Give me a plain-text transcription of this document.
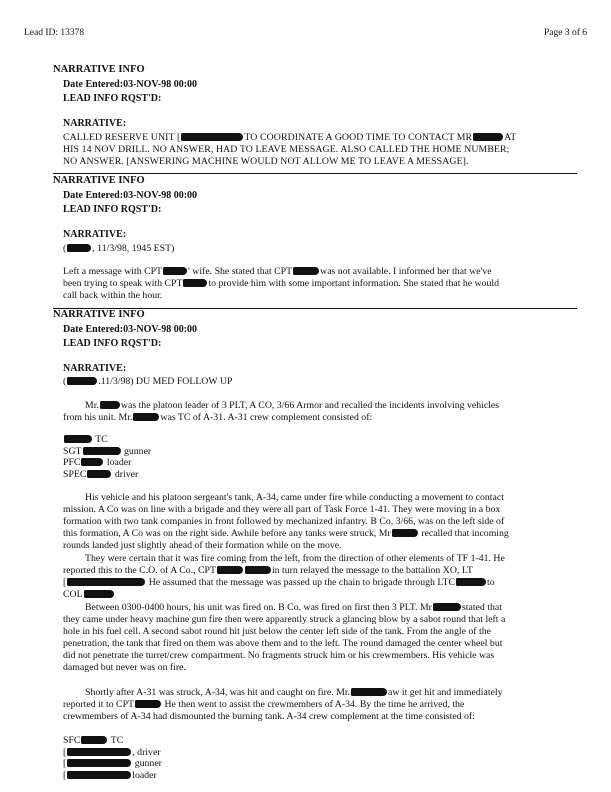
Lead ID: 13378	Page 3 of 6
NARRATIVE INFO
Date Entered:03-NOV-98 00:00
LEAD INFO RQST'D:
NARRATIVE:

CALLED RESERVE UNIT [	TO COORDINATE A GOOD TIME TO CONTACT MR	AT

HIS 14 NOV DRILL. NO ANSWER, HAD TO LEAVE MESSAGE. ALSO CALLED THE HOME NUMBER;

NO ANSWER. [ANSWERING MACHINE WOULD NOT ALLOW ME TO LEAVE A MESSAGE].

NARRATIVE INFO
Date Entered:03-NOV-98 00:00
LEAD INFO RQST'D:
NARRATIVE:
(	, 11/3/98, 1945 EST)

Left a message with CPT	' wife. She stated that CPT	was not available. I informed her that we've

been trying to speak with CPT	to provide him with some important information. She stated that he would

call back within the hour.

NARRATIVE INFO
Date Entered:03-NOV-98 00:00
LEAD INFO RQST'D:
NARRATIVE:
(	.11/3/98) DU MED FOLLOW UP

Mr. was the platoon leader of 3 PLT, A CO, 3/66 Armor and recalled the incidents involving vehicles

from his unit. Mr.	was TC of A-31. A-31 crew complement consisted of:

TC
SGT	gunner
PFC	loader
SPEC	driver

His vehicle and his platoon sergeant's tank, A-34, came under fire while conducting a movement to contact

mission. A Co was on line with a brigade and they were all part of Task Force 1-41. They were moving in a box

formation with two tank companies in front followed by mechanized infantry. B Co, 3/66, was on the left side of

this formation, A Co was on the right side. Awhile before any tanks were struck, Mr	recalled that incoming

rounds landed just slightly ahead of their formation while on the move.

They were certain that it was fire coming from the left, from the direction of other elements of TF 1-41. He

reported this to the C.O. of A Co., CPT	in turn relayed the message to the battalion XO, LT

[	He assumed that the message was passed up the chain to brigade through LTC	to

COL

Between 0300-0400 hours, his unit was fired on. B Co. was fired on first then 3 PLT. Mr	stated that

they came under heavy machine gun fire then were apparently struck a glancing blow by a sabot round that left a

hole in his fuel cell. A second sabot round hit just below the center left side of the tank. From the angle of the

penetration, the tank that fired on them was above them and to the left. The round damaged the center wheel but

did not penetrate the turret/crew compartment. No fragments struck him or his crewmembers. His vehicle was

damaged but never was on fire.

Shortly after A-31 was struck, A-34, was hit and caught on fire. Mr.	aw it get hit and immediately

reported it to CPT	He then went to assist the crewmembers of A-34. By the time he arrived, the

crewmembers of A-34 had dismounted the burning tank. A-34 crew complement at the time consisted of:

SFC	TC
[	, driver
[	gunner
[	loader
